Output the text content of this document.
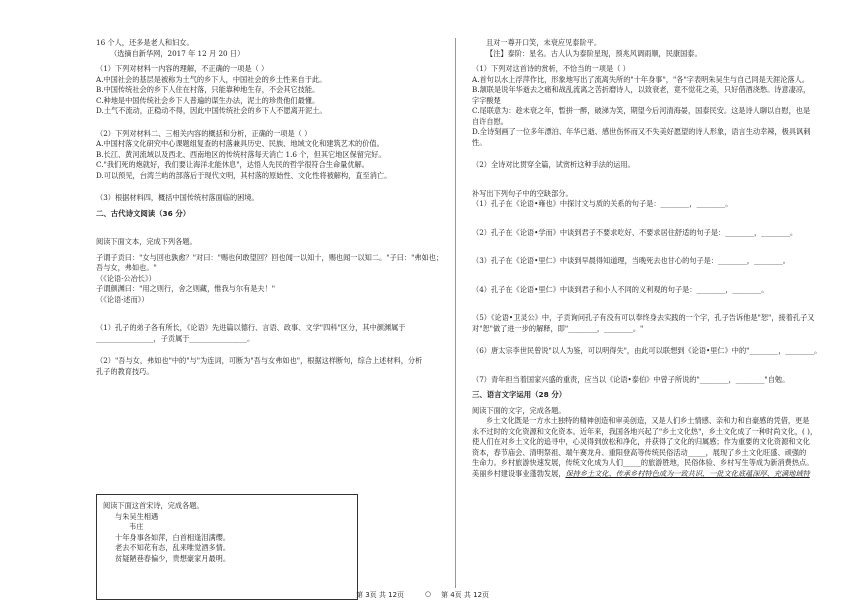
16 个人，还多是老人和妇女。

（选摘自新华网，2017 年 12 月 20 日）

（1）下列对材料一内容的理解，不正确的一项是（ ）

A.中国社会的基层是被称为土气的乡下人，中国社会的乡土性来自于此。

B.中国传统社会的乡下人住在村落，只能靠种地生存，不会其它技能。

C.种地是中国传统社会乡下人普遍的谋生办法，泥土的珍贵他们最懂。

D.土气不流动，正稳动不得，因此中国传统社会的乡下人不愿离开泥土。

（2）下列对材料二、三相关内容的概括和分析，正确的一项是（ ）

A.中国村落文化研究中心课题组复查的村落兼具历史、民族、地域文化和建筑艺术的价值。

B.长江、黄河流域以及西北、西南地区的传统村落每天消亡 1.6 个，但其它地区保留完好。

C."我们死的炮就好，我们要让海洋北能休息"，达悟人先民的哲学很符合生命量优解。

D.可以预见，台湾兰屿的部落后于现代文明，其村落的原始性、文化性将被解构，直至消亡。

（3）根据材料四，概括中国传统村落面临的困境。

二、古代诗文阅读（36 分）

阅读下面文本，完成下列各题。

子谓子贡曰："女与回也孰愈？"对曰："赐也何敢望回？回也闻一以知十，赐也闻一以知二。"子曰："弗如也；

吾与女，弗如也。"

（《论语·公冶长》）

子谓颜渊曰："用之则行，舍之则藏，惟我与尔有是夫！"

（《论语·述而》）

（1）孔子的弟子各有所长，《论语》先进篇以德行、言语、政事、文学"四科"区分，其中颜渊属于

________________，子贡属于________________。

（2）"吾与女，弗如也"中的"与"为连词，可断为"吾与女弗如也"，根据这样断句，综合上述材料，分析

孔子的教育技巧。

阅读下面这首宋诗，完成各题。

与朱吴生相遇

韦庄

十年身事各如萍，白首相逢泪满缨。

老去不知花有态，乱来唯觉酒多情。

贫疑陋巷春偏少，贵想豪家月最明。

且对一尊开口笑，未衰应见泰阶平。

【注】泰阶：星名。古人认为泰阶星现，预兆风调雨顺，民康国泰。

（1）下列对这首诗的赏析，不恰当的一项是（ ）

A.首句以水上浮萍作比，形象地写出了流离失所的"十年身事"，"各"字表明朱吴生与自己同是天涯沦落人。

B.颔联是说年华逝去之痛和战乱流离之苦折磨诗人，以致衰老，竟不觉花之美，只好借酒浇愁。诗意凄凉，

字字酸楚

C.尾联意为：趁未衰之年，暂拼一醉，破涕为笑，期望今后河清海晏，国泰民安。这是诗人聊以自慰，也是

自许自慰。

D.全诗刻画了一位多年漂泊、年华已逝、感世伤怀而又不失美好愿望的诗人形象，语言生动幸辣，极具讽刺

性。

（2）全诗对比贯穿全篇，试赏析这种手法的运用。

补写出下列句子中的空缺部分。

（1）孔子在《论语•雍也》中探讨文与质的关系的句子是：________，________。

（2）孔子在《论语•学而》中谈到君子不要求吃好、不要求居住舒适的句子是：________，________。

（3）孔子在《论语•里仁》中谈到早晨得知道理，当晚死去也甘心的句子是：________，________。

（4）孔子在《论语•里仁》中谈到君子和小人不同的义利观的句子是：________，________。

（5）《论语•卫灵公》中，子贡询问孔子有没有可以奉终身去实践的一个字，孔子告诉他是"恕"，接着孔子又

对"恕"做了进一步的解释，即"________，________。"

（6）唐太宗李世民曾说"以人为鉴，可以明得失"，由此可以联想到《论语•里仁》中的"________，________。

（7）青年担当着国家兴盛的重责，应当以《论语•泰伯》中曾子所说的"________，________"自勉。

三、语言文字运用（28 分）

阅读下面的文字，完成各题。

乡土文化既是一方水土独特的精神创造和审美创造，又是人们乡土情感、亲和力和自豪感的凭借，更是

永不过时的文化资源和文化资本。近年来，我国各地兴起了"乡土文化热"，乡土文化成了一种时尚文化，( )，

使人们在对乡土文化的追寻中，心灵得到放松和净化，并获得了文化的归属感；作为重要的文化资源和文化

资本，春节庙会、清明祭祖、端午赛龙舟、重阳登高等传统民俗活动_____，展现了乡土文化旺盛、顽强的

生命力。乡村旅游快速发展，传统文化成为人们_____的旅游胜地，民俗体验、乡村写生等成为新消费热点。

美丽乡村建设事业蓬勃发展，保持乡土文化、传承乡村特色成为一致共识，一批文化底蕴深厚、充满地域特

第 3页 共 12页	○ 第 4页 共 12页
